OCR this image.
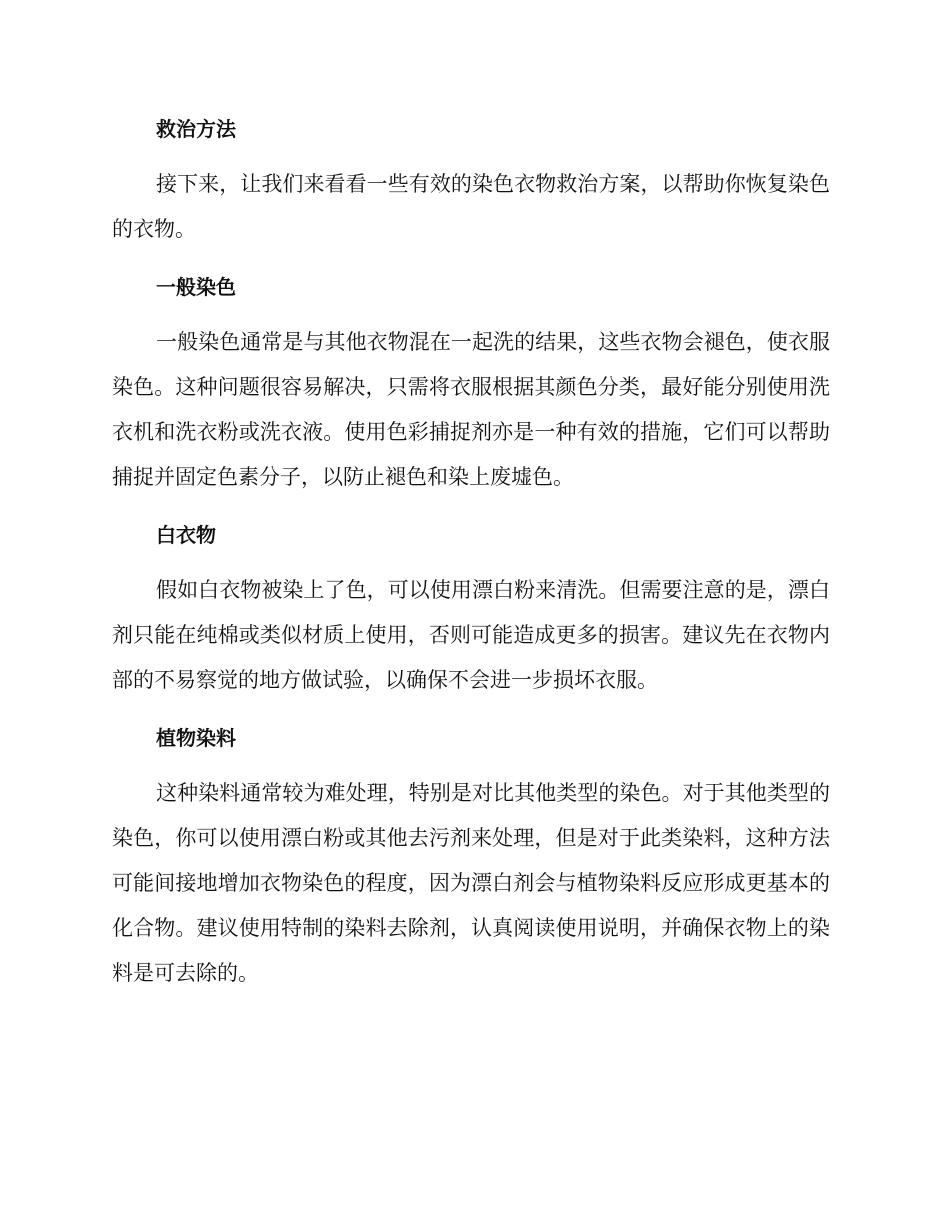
救治方法

接下来，让我们来看看一些有效的染色衣物救治方案，以帮助你恢复染色的衣物。

一般染色

一般染色通常是与其他衣物混在一起洗的结果，这些衣物会褪色，使衣服染色。这种问题很容易解决，只需将衣服根据其颜色分类，最好能分别使用洗衣机和洗衣粉或洗衣液。使用色彩捕捉剂亦是一种有效的措施，它们可以帮助捕捉并固定色素分子，以防止褪色和染上废墟色。

白衣物

假如白衣物被染上了色，可以使用漂白粉来清洗。但需要注意的是，漂白剂只能在纯棉或类似材质上使用，否则可能造成更多的损害。建议先在衣物内部的不易察觉的地方做试验，以确保不会进一步损坏衣服。

植物染料

这种染料通常较为难处理，特别是对比其他类型的染色。对于其他类型的染色，你可以使用漂白粉或其他去污剂来处理，但是对于此类染料，这种方法可能间接地增加衣物染色的程度，因为漂白剂会与植物染料反应形成更基本的化合物。建议使用特制的染料去除剂，认真阅读使用说明，并确保衣物上的染料是可去除的。
